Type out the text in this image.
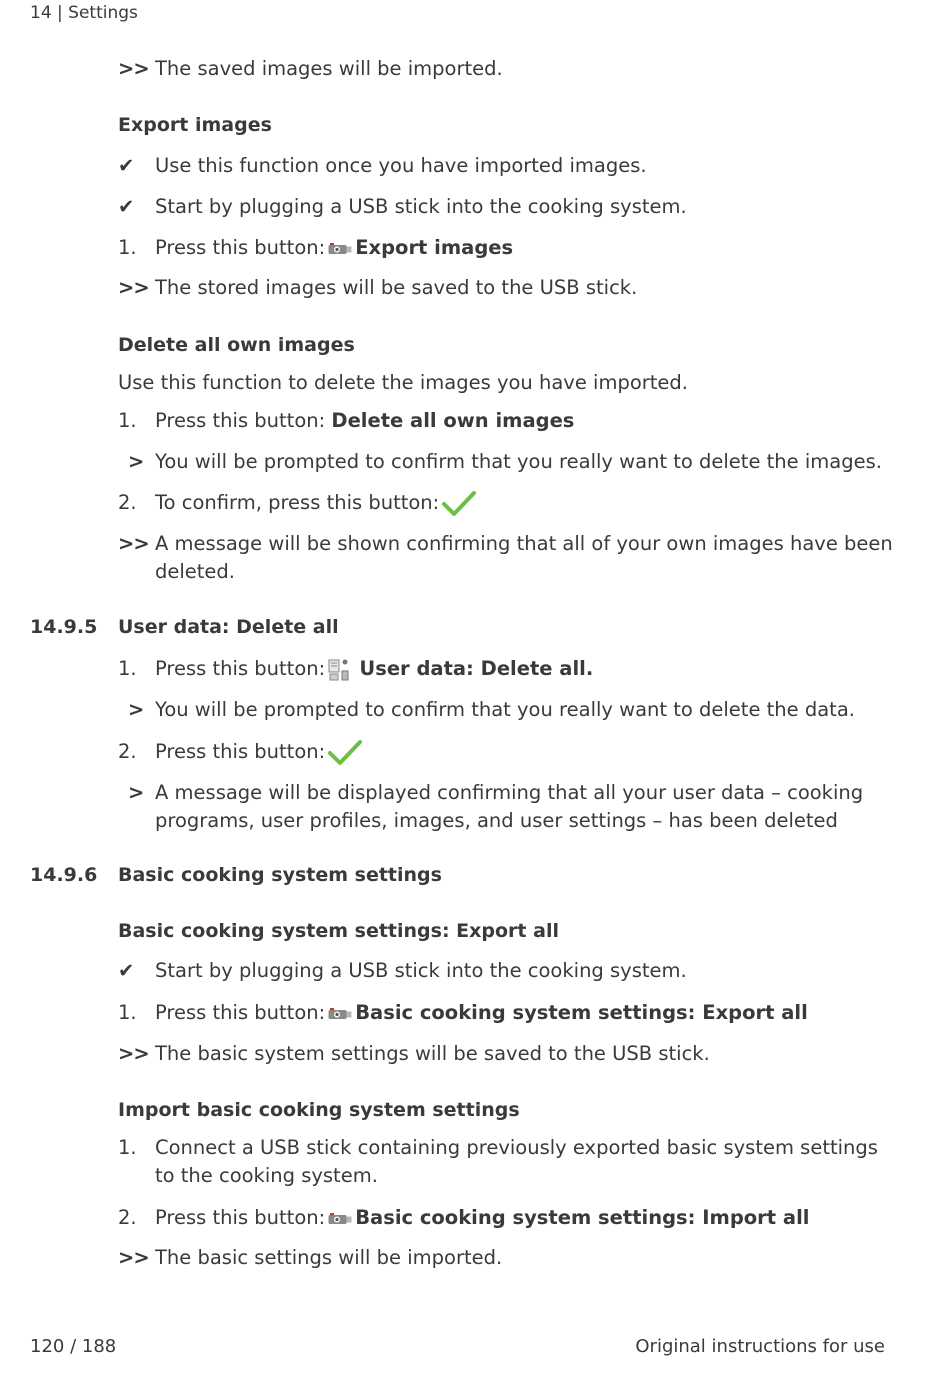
14 | Settings
>> The saved images will be imported.
Export images
✔	Use this function once you have imported images.
✔	Start by plugging a USB stick into the cooking system.
1. Press this button: Export images
>> The stored images will be saved to the USB stick.
Delete all own images
Use this function to delete the images you have imported.
1. Press this button: Delete all own images
> You will be prompted to confirm that you really want to delete the images.
2. To confirm, press this button:
>> A message will be shown confirming that all of your own images have been deleted.
14.9.5 User data: Delete all
1. Press this button: User data: Delete all.
> You will be prompted to confirm that you really want to delete the data.
2. Press this button:
> A message will be displayed confirming that all your user data – cooking programs, user profiles, images, and user settings – has been deleted
14.9.6 Basic cooking system settings
Basic cooking system settings: Export all
✔	Start by plugging a USB stick into the cooking system.
1. Press this button: Basic cooking system settings: Export all
>> The basic system settings will be saved to the USB stick.
Import basic cooking system settings
1. Connect a USB stick containing previously exported basic system settings to the cooking system.
2. Press this button: Basic cooking system settings: Import all
>> The basic settings will be imported.
120 / 188	Original instructions for use
